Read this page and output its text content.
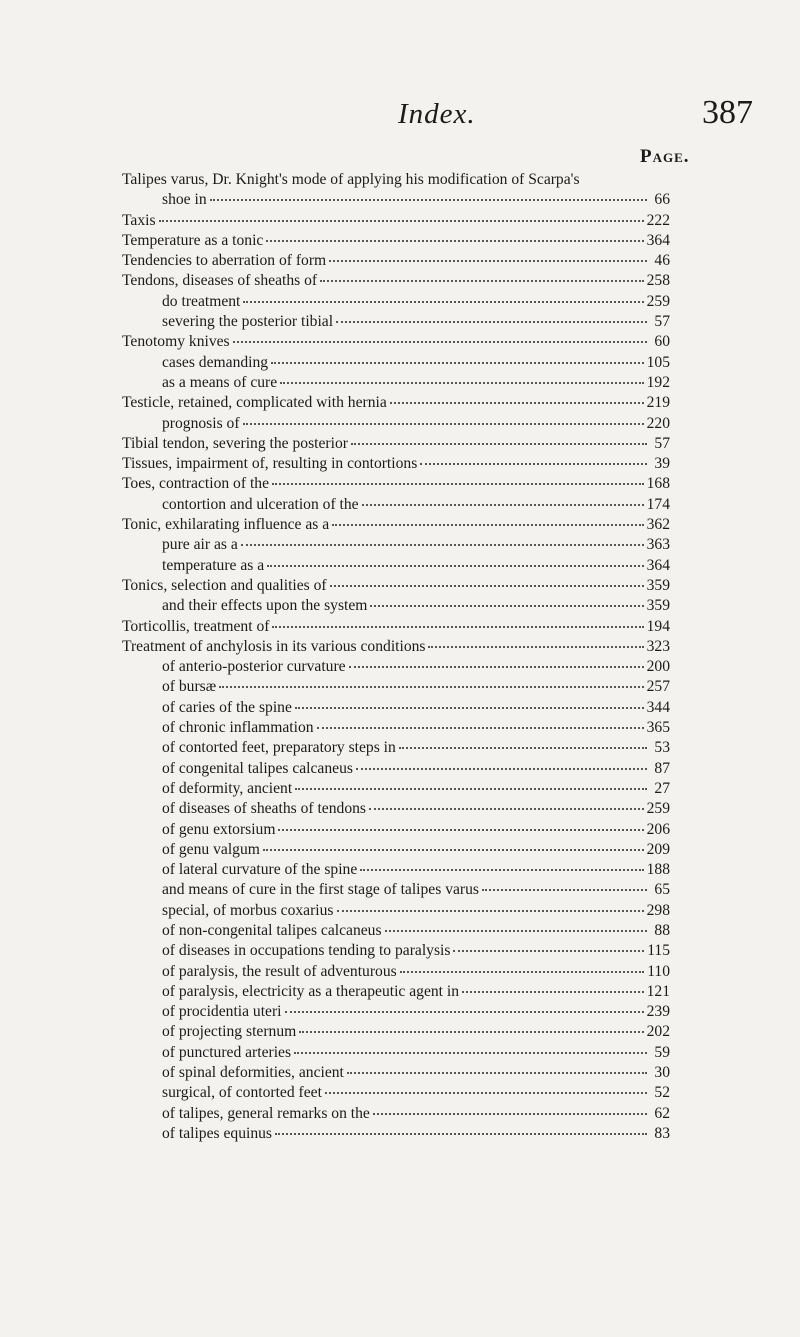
Index.	387
Page.
Talipes varus, Dr. Knight's mode of applying his modification of Scarpa's
shoe in	66
Taxis	222
Temperature as a tonic	364
Tendencies to aberration of form	46
Tendons, diseases of sheaths of	258
do treatment	259
severing the posterior tibial	57
Tenotomy knives	60
cases demanding	105
as a means of cure	192
Testicle, retained, complicated with hernia	219
prognosis of	220
Tibial tendon, severing the posterior	57
Tissues, impairment of, resulting in contortions	39
Toes, contraction of the	168
contortion and ulceration of the	174
Tonic, exhilarating influence as a	362
pure air as a	363
temperature as a	364
Tonics, selection and qualities of	359
and their effects upon the system	359
Torticollis, treatment of	194
Treatment of anchylosis in its various conditions	323
of anterio-posterior curvature	200
of bursæ	257
of caries of the spine	344
of chronic inflammation	365
of contorted feet, preparatory steps in	53
of congenital talipes calcaneus	87
of deformity, ancient	27
of diseases of sheaths of tendons	259
of genu extorsium	206
of genu valgum	209
of lateral curvature of the spine	188
and means of cure in the first stage of talipes varus	65
special, of morbus coxarius	298
of non-congenital talipes calcaneus	88
of diseases in occupations tending to paralysis	115
of paralysis, the result of adventurous	110
of paralysis, electricity as a therapeutic agent in	121
of procidentia uteri	239
of projecting sternum	202
of punctured arteries	59
of spinal deformities, ancient	30
surgical, of contorted feet	52
of talipes, general remarks on the	62
of talipes equinus	83
